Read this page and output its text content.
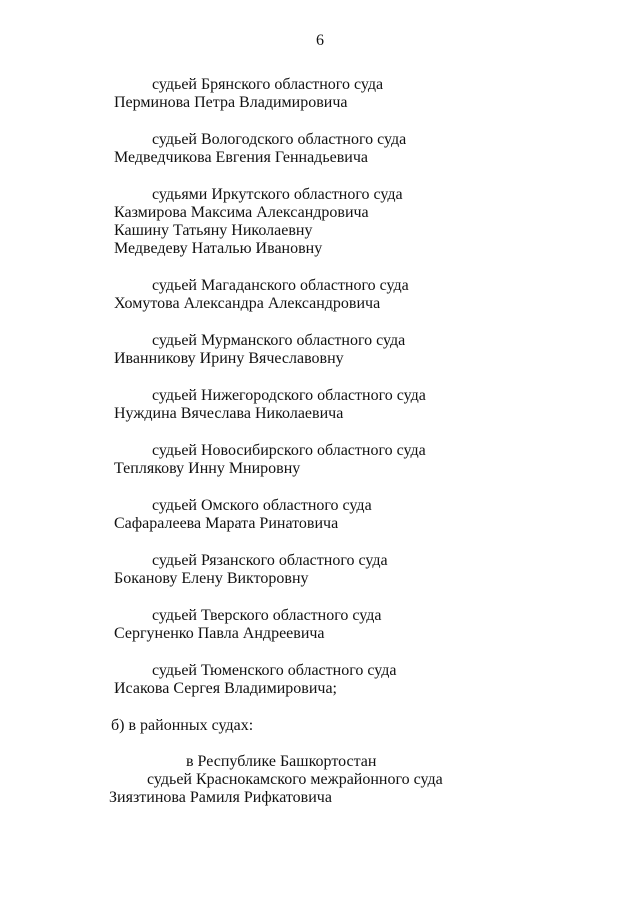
6
судьей Брянского областного суда
Перминова Петра Владимировича
судьей Вологодского областного суда
Медведчикова Евгения Геннадьевича
судьями Иркутского областного суда
Казмирова Максима Александровича
Кашину Татьяну Николаевну
Медведеву Наталью Ивановну
судьей Магаданского областного суда
Хомутова Александра Александровича
судьей Мурманского областного суда
Иванникову Ирину Вячеславовну
судьей Нижегородского областного суда
Нуждина Вячеслава Николаевича
судьей Новосибирского областного суда
Теплякову Инну Мнировну
судьей Омского областного суда
Сафаралеева Марата Ринатовича
судьей Рязанского областного суда
Боканову Елену Викторовну
судьей Тверского областного суда
Сергуненко Павла Андреевича
судьей Тюменского областного суда
Исакова Сергея Владимировича;
б) в районных судах:
в Республике Башкортостан
судьей Краснокамского межрайонного суда
Зиязтинова Рамиля Рифкатовича
